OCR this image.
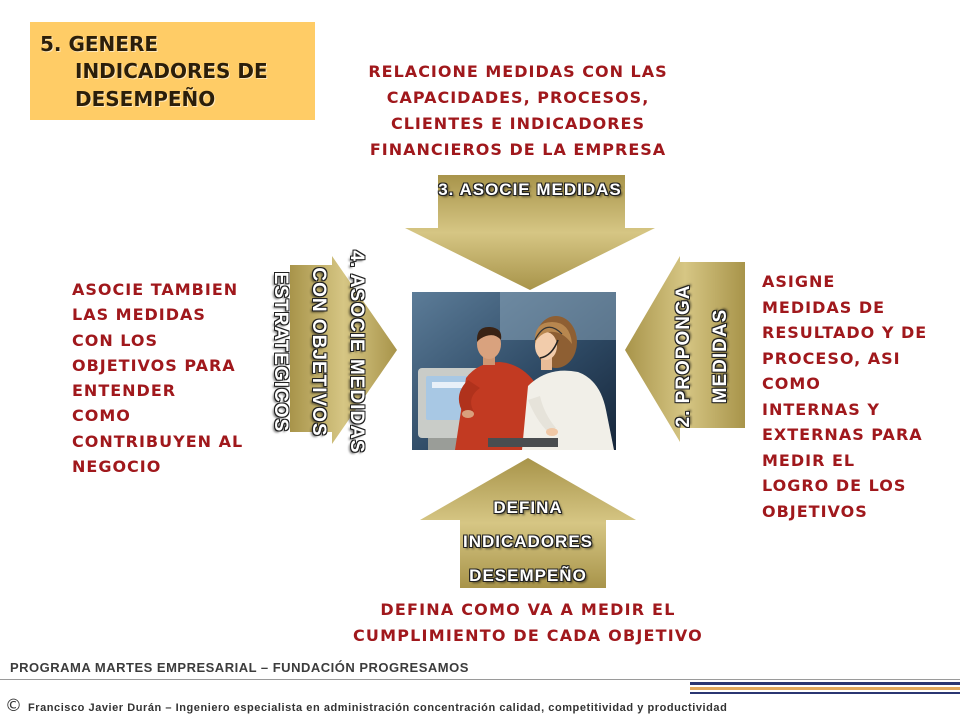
5. GENERE
INDICADORES DE
DESEMPEÑO
RELACIONE MEDIDAS CON LAS
CAPACIDADES, PROCESOS,
CLIENTES E INDICADORES
FINANCIEROS DE LA EMPRESA
3. ASOCIE MEDIDAS
4. ASOCIE MEDIDAS
CON OBJETIVOS
ESTRATEGICOS	2. PROPONGA MEDIDAS
DEFINA
INDICADORES
DESEMPEÑO
ASOCIE TAMBIEN
LAS MEDIDAS
CON LOS
OBJETIVOS PARA
ENTENDER
COMO
CONTRIBUYEN AL
NEGOCIO
ASIGNE
MEDIDAS DE
RESULTADO Y DE
PROCESO, ASI
COMO
INTERNAS Y
EXTERNAS PARA
MEDIR EL
LOGRO DE LOS
OBJETIVOS
DEFINA COMO VA A MEDIR EL
CUMPLIMIENTO DE CADA OBJETIVO
PROGRAMA MARTES EMPRESARIAL – FUNDACIÓN PROGRESAMOS
© Francisco Javier Durán – Ingeniero especialista en administración concentración calidad, competitividad y productividad
